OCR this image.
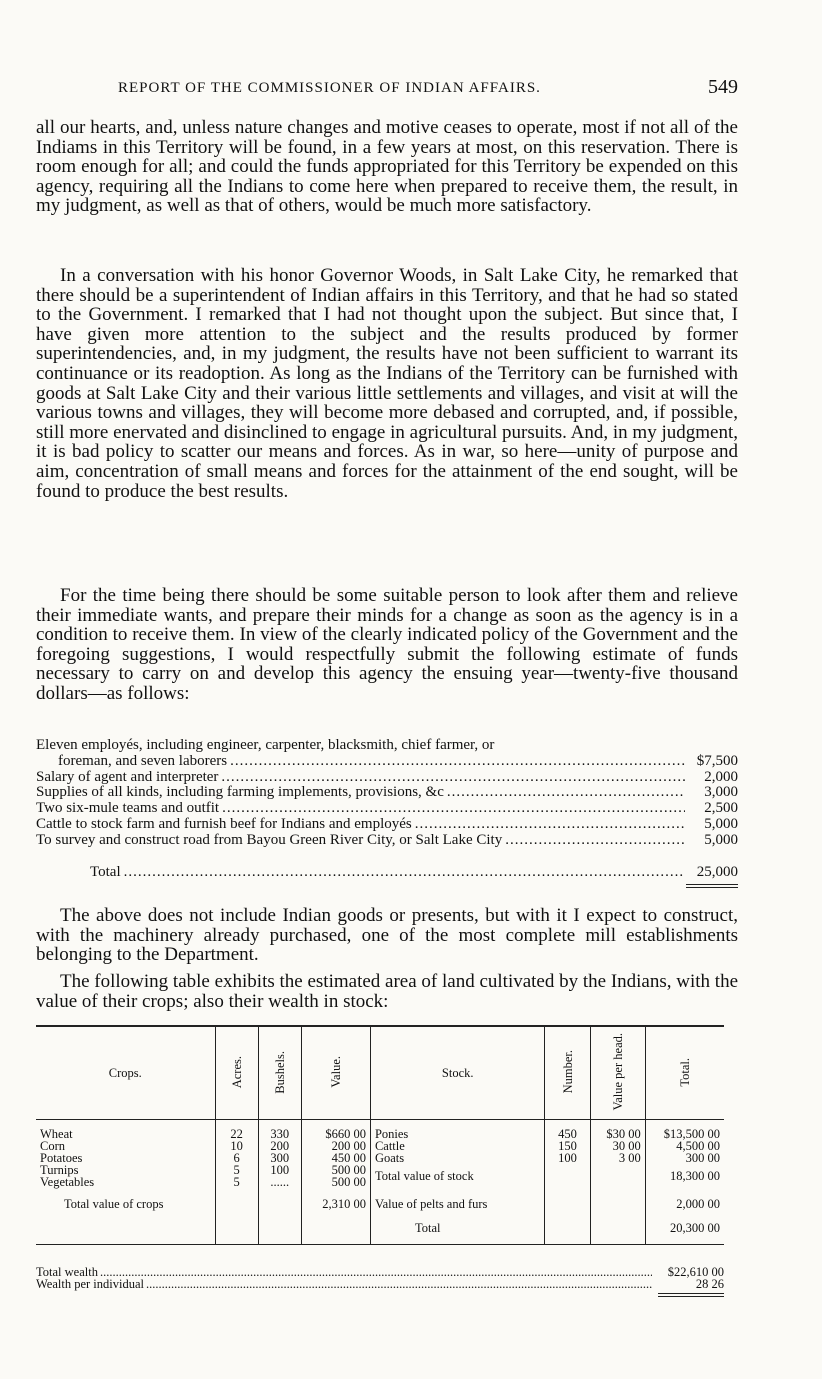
REPORT OF THE COMMISSIONER OF INDIAN AFFAIRS.	549

all our hearts, and, unless nature changes and motive ceases to operate, most if not all of the Indiams in this Territory will be found, in a few years at most, on this reservation. There is room enough for all; and could the funds appropriated for this Territory be expended on this agency, requiring all the Indians to come here when prepared to receive them, the result, in my judgment, as well as that of others, would be much more satisfactory.

In a conversation with his honor Governor Woods, in Salt Lake City, he remarked that there should be a superintendent of Indian affairs in this Territory, and that he had so stated to the Government. I remarked that I had not thought upon the subject. But since that, I have given more attention to the subject and the results produced by former superintendencies, and, in my judgment, the results have not been sufficient to warrant its continuance or its readoption. As long as the Indians of the Territory can be furnished with goods at Salt Lake City and their various little settlements and villages, and visit at will the various towns and villages, they will become more debased and corrupted, and, if possible, still more enervated and disinclined to engage in agricultural pursuits. And, in my judgment, it is bad policy to scatter our means and forces. As in war, so here—unity of purpose and aim, concentration of small means and forces for the attainment of the end sought, will be found to produce the best results.

For the time being there should be some suitable person to look after them and relieve their immediate wants, and prepare their minds for a change as soon as the agency is in a condition to receive them. In view of the clearly indicated policy of the Government and the foregoing suggestions, I would respectfully submit the following estimate of funds necessary to carry on and develop this agency the ensuing year—twenty-five thousand dollars—as follows:

Eleven employés, including engineer, carpenter, blacksmith, chief farmer, or
foreman, and seven laborers .....	$7,500
Salary of agent and interpreter .....	2,000
Supplies of all kinds, including farming implements, provisions, &c .....	3,000
Two six-mule teams and outfit .....	2,500
Cattle to stock farm and furnish beef for Indians and employés .....	5,000
To survey and construct road from Bayou Green River City, or Salt Lake City .....	5,000
Total .....	25,000

The above does not include Indian goods or presents, but with it I expect to construct, with the machinery already purchased, one of the most complete mill establishments belonging to the Department.

The following table exhibits the estimated area of land cultivated by the Indians, with the value of their crops; also their wealth in stock:

Crops.	Acres.	Bushels.	Value.	Stock.	Number.	Value per head.	Total.
Wheat	22	330	$660 00	Ponies	450	$30 00	$13,500 00
Corn	10	200	200 00	Cattle	150	30 00	4,500 00
Potatoes	6	300	450 00	Goats	100	3 00	300 00
Turnips	5	100	500 00	Total value of stock			18,300 00
Vegetables	5	......	500 00				
Total value of crops			2,310 00	Value of pelts and furs			2,000 00
				Total			20,300 00
Total wealth .....	$22,610 00
Wealth per individual .....	28 26
